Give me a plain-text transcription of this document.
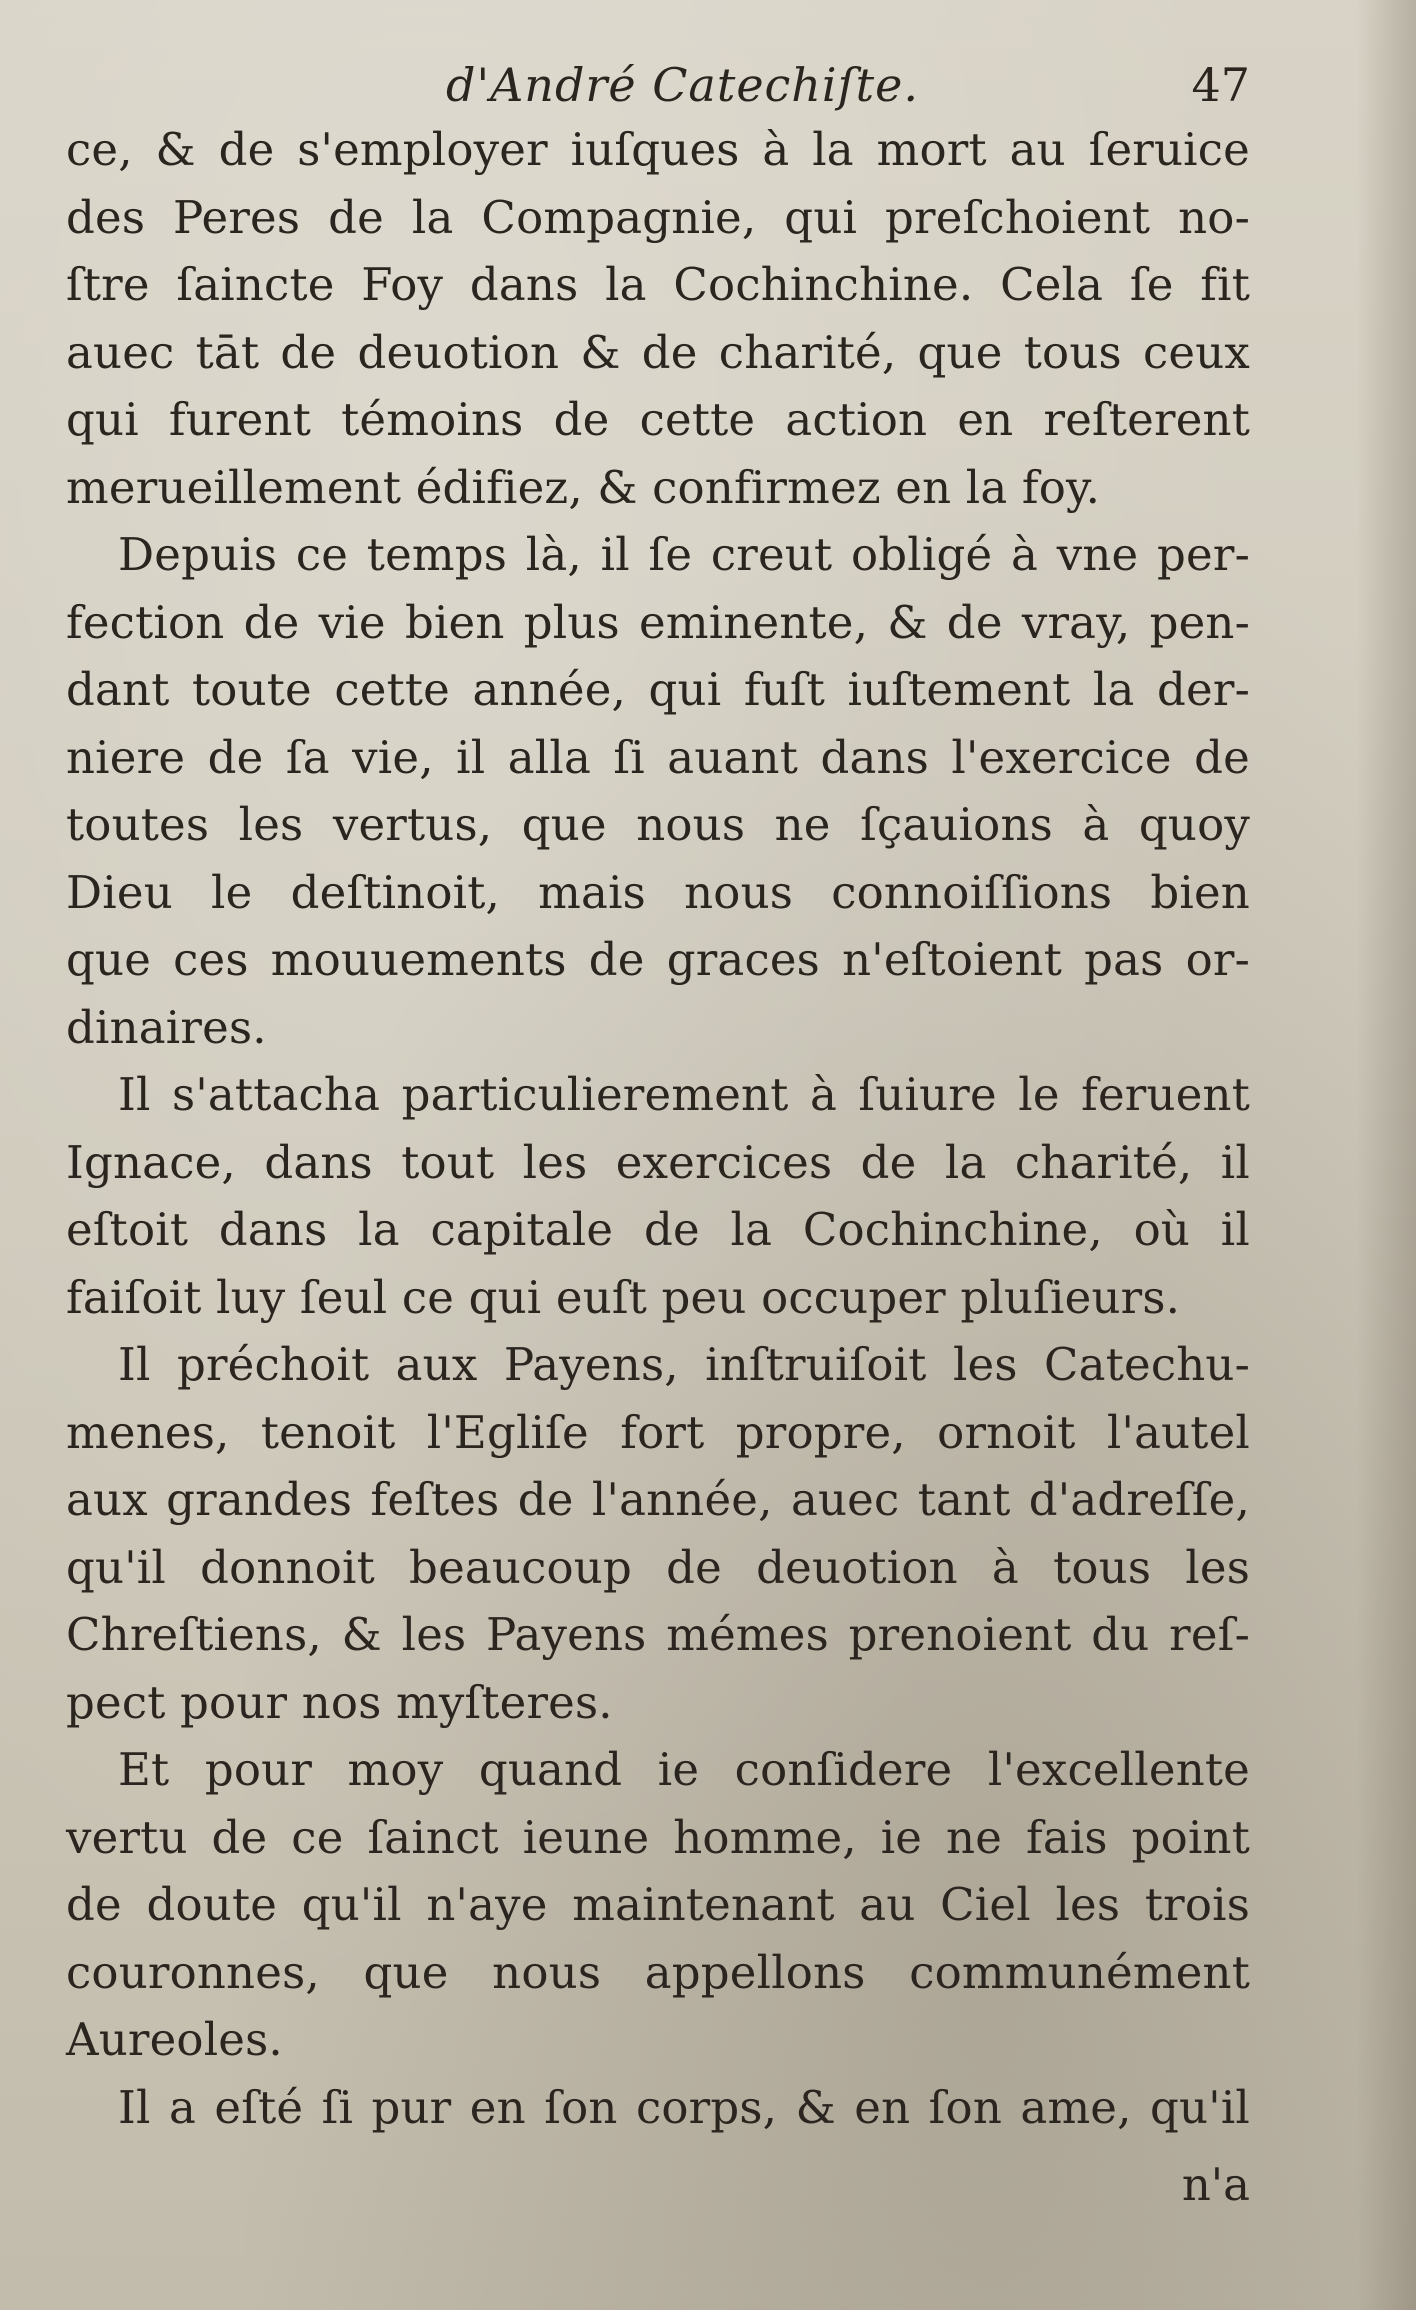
d'André Catechiſte.	47
ce, & de s'employer iuſques à la mort au ſeruice
des Peres de la Compagnie, qui preſchoient no-
ſtre ſaincte Foy dans la Cochinchine. Cela ſe fit
auec tāt de deuotion & de charité, que tous ceux
qui furent témoins de cette action en reſterent
merueillement édifiez, & confirmez en la foy.
Depuis ce temps là, il ſe creut obligé à vne per-
fection de vie bien plus eminente, & de vray, pen-
dant toute cette année, qui fuſt iuſtement la der-
niere de ſa vie, il alla ſi auant dans l'exercice de
toutes les vertus, que nous ne ſçauions à quoy
Dieu le deſtinoit, mais nous connoiſſions bien
que ces mouuements de graces n'eſtoient pas or-
dinaires.
Il s'attacha particulierement à ſuiure le feruent
Ignace, dans tout les exercices de la charité, il
eſtoit dans la capitale de la Cochinchine, où il
faiſoit luy ſeul ce qui euſt peu occuper pluſieurs.
Il préchoit aux Payens, inſtruiſoit les Catechu-
menes, tenoit l'Egliſe fort propre, ornoit l'autel
aux grandes feſtes de l'année, auec tant d'adreſſe,
qu'il donnoit beaucoup de deuotion à tous les
Chreſtiens, & les Payens mémes prenoient du reſ-
pect pour nos myſteres.
Et pour moy quand ie conſidere l'excellente
vertu de ce ſainct ieune homme, ie ne fais point
de doute qu'il n'aye maintenant au Ciel les trois
couronnes, que nous appellons communément
Aureoles.
Il a eſté ſi pur en ſon corps, & en ſon ame, qu'il
n'a
